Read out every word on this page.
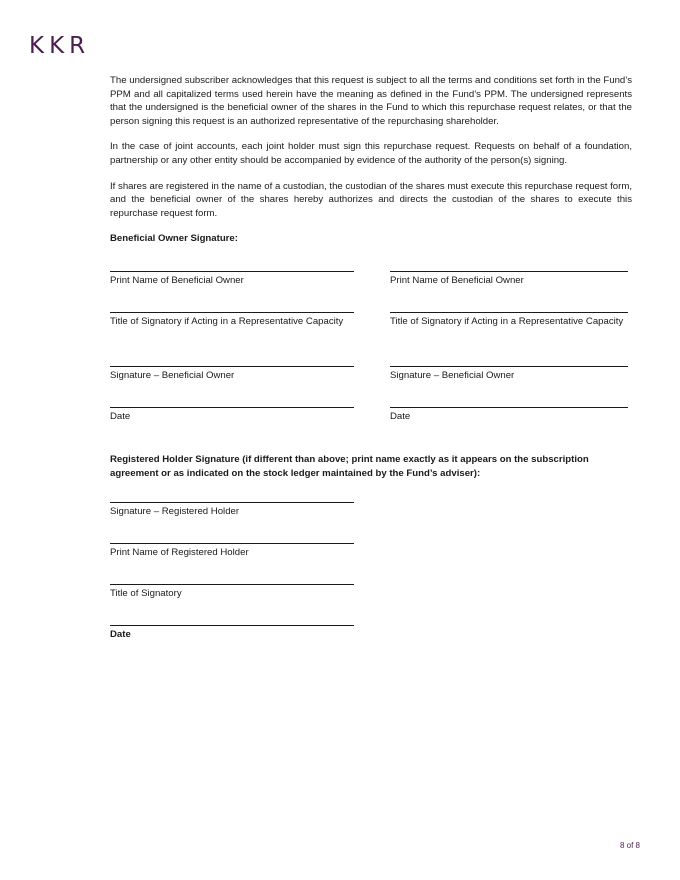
KKR

The undersigned subscriber acknowledges that this request is subject to all the terms and conditions set forth in the Fund’s PPM and all capitalized terms used herein have the meaning as defined in the Fund’s PPM. The undersigned represents that the undersigned is the beneficial owner of the shares in the Fund to which this repurchase request relates, or that the person signing this request is an authorized representative of the repurchasing shareholder.

In the case of joint accounts, each joint holder must sign this repurchase request. Requests on behalf of a foundation, partnership or any other entity should be accompanied by evidence of the authority of the person(s) signing.

If shares are registered in the name of a custodian, the custodian of the shares must execute this repurchase request form, and the beneficial owner of the shares hereby authorizes and directs the custodian of the shares to execute this repurchase request form.

Beneficial Owner Signature:

Print Name of Beneficial Owner
Title of Signatory if Acting in a Representative Capacity
Signature – Beneficial Owner
Date
Print Name of Beneficial Owner
Title of Signatory if Acting in a Representative Capacity
Signature – Beneficial Owner
Date

Registered Holder Signature (if different than above; print name exactly as it appears on the subscription agreement or as indicated on the stock ledger maintained by the Fund’s adviser):

Signature – Registered Holder
Print Name of Registered Holder
Title of Signatory
Date
8 of 8
